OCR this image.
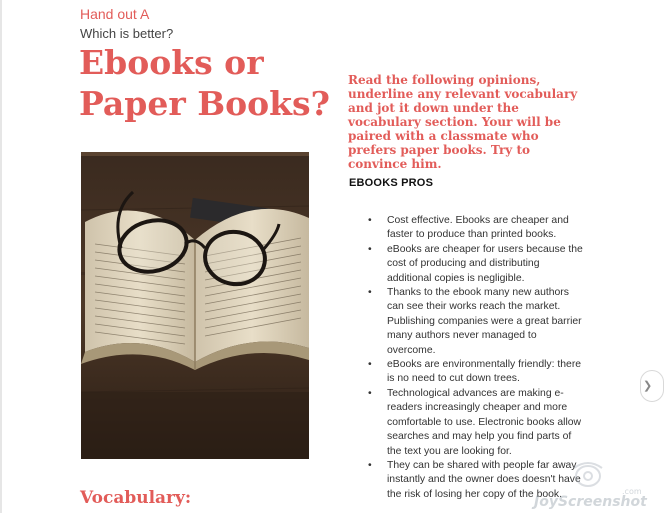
Hand out A
Which is better?
Ebooks or
Paper Books?
Vocabulary:
Read the following opinions, underline any relevant vocabulary and jot it down under the vocabulary section. Your will be paired with a classmate who prefers paper books. Try to convince him.
EBOOKS PROS
• Cost effective. Ebooks are cheaper and faster to produce than printed books.
• eBooks are cheaper for users because the cost of producing and distributing additional copies is negligible.
• Thanks to the ebook many new authors can see their works reach the market. Publishing companies were a great barrier many authors never managed to overcome.
• eBooks are environmentally friendly: there is no need to cut down trees.
• Technological advances are making e-readers increasingly cheaper and more comfortable to use. Electronic books allow searches and may help you find parts of the text you are looking for.
• They can be shared with people far away instantly and the owner does doesn't have the risk of losing her copy of the book.
❯
JoyScreenshot
.com
